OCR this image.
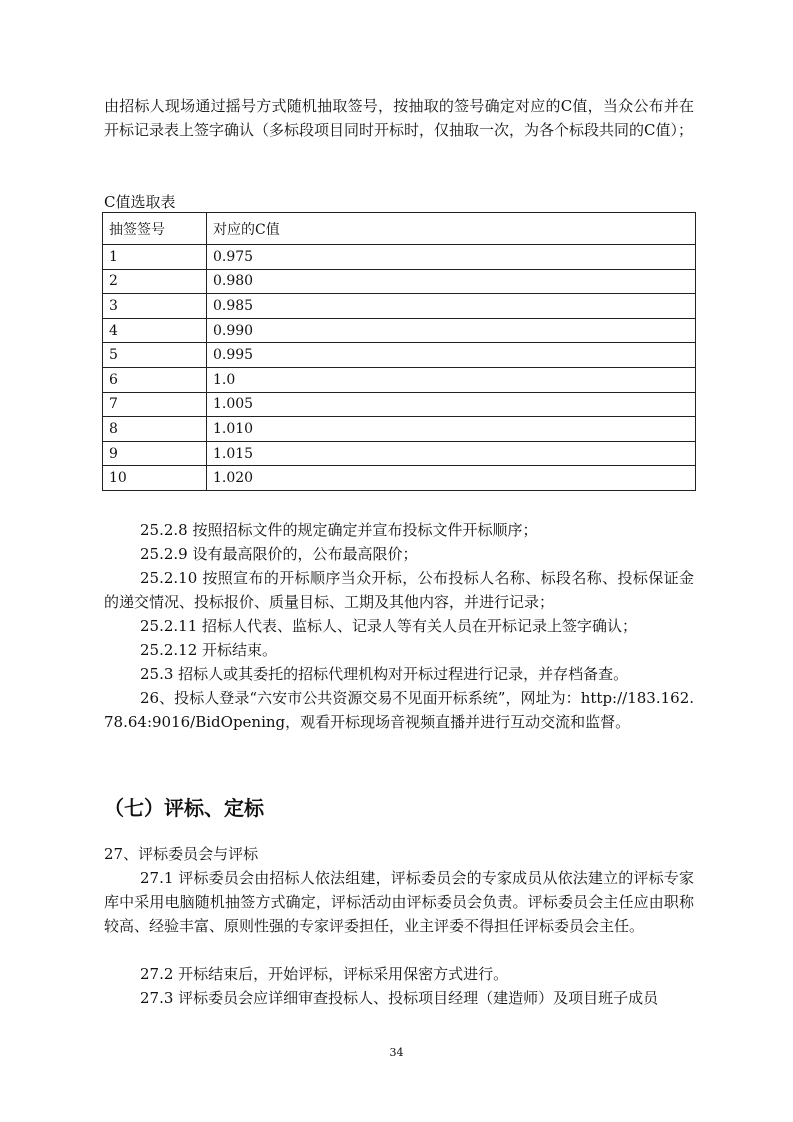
由招标人现场通过摇号方式随机抽取签号，按抽取的签号确定对应的C值，当众公布并在开标记录表上签字确认（多标段项目同时开标时，仅抽取一次，为各个标段共同的C值）；

C值选取表
抽签签号	对应的C值
1	0.975
2	0.980
3	0.985
4	0.990
5	0.995
6	1.0
7	1.005
8	1.010
9	1.015
10	1.020

25.2.8 按照招标文件的规定确定并宣布投标文件开标顺序；

25.2.9 设有最高限价的，公布最高限价；

25.2.10 按照宣布的开标顺序当众开标，公布投标人名称、标段名称、投标保证金的递交情况、投标报价、质量目标、工期及其他内容，并进行记录；

25.2.11 招标人代表、监标人、记录人等有关人员在开标记录上签字确认；

25.2.12 开标结束。

25.3 招标人或其委托的招标代理机构对开标过程进行记录，并存档备查。

26、投标人登录“六安市公共资源交易不见面开标系统”，网址为：http://183.162.78.64:9016/BidOpening，观看开标现场音视频直播并进行互动交流和监督。

（七）评标、定标

27、评标委员会与评标

27.1 评标委员会由招标人依法组建，评标委员会的专家成员从依法建立的评标专家库中采用电脑随机抽签方式确定，评标活动由评标委员会负责。评标委员会主任应由职称较高、经验丰富、原则性强的专家评委担任，业主评委不得担任评标委员会主任。

27.2 开标结束后，开始评标，评标采用保密方式进行。

27.3 评标委员会应详细审查投标人、投标项目经理（建造师）及项目班子成员

34
